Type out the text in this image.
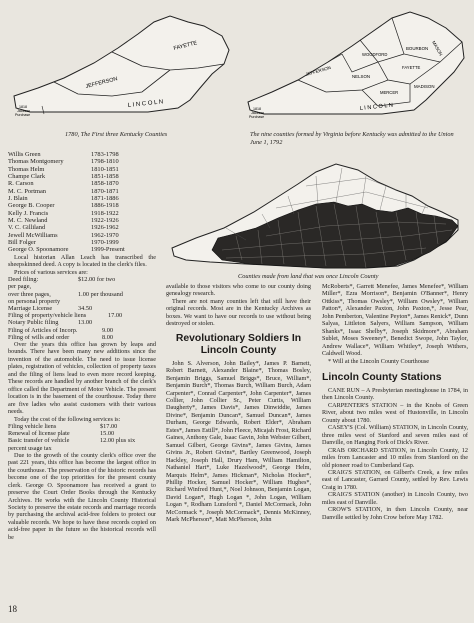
FAYETTE
JEFFERSON
L I N C O L N
1818 Jackson Purchase
MASON
BOURBON
FAYETTE
WOODFORD
NELSON
JEFFERSON
MADISON
MERCER
L I N C O L N
1818 Jackson Purchase
1780, The First three Kentucky Counties	The nine counties formed by Virginia before Kentucky was admitted to the Union June 1, 1792
Counties made from land that was once Lincoln County
Willis Green	1783-1798
Thomas Montgomery	1798-1810
Thomas Helm	1810-1851
Champe Clark	1851-1858
R. Carson	1858-1870
M. C. Portman	1870-1871
J. Blain	1871-1886
George B. Cooper	1886-1918
Kelly J. Francis	1918-1922
M. C. Newland	1922-1926
V. C. Gilliland	1926-1962
Jewell McWilliams	1962-1970
Bill Folger	1970-1999
George O. Spoonamore	1999-Present
Local historian Allan Leach has transcribed the sheepskinned deed. A copy is located in the clerk's files.
Prices of various services are:
Deed filing:	$12.00 for two
per page,
over three pages,	1.00 per thousand
on personal property
Marriage License	34.50
Filing of property/vehicle liens	17.00
Notary Public filing	13.00
Filing of Articles of Incorp.	9.00
Filing of wills and order	8.00
Over the years this office has grown by leaps and bounds. There have been many new additions since the invention of the automobile. The need to issue license plates, registration of vehicles, collection of property taxes and the filing of liens lead to even more record keeping. These records are handled by another branch of the clerk's office called the Department of Motor Vehicle. The present location is in the basement of the courthouse. Today there are five ladies who assist customers with their various needs.
Today the cost of the following services is:
Filing vehicle liens	$17.00
Renewal of license plate	15.00
Basic transfer of vehicle	12.00 plus six
percent usage tax
Due to the growth of the county clerk's office over the past 221 years, this office has become the largest office in the courthouse. The preservation of the historic records has become one of the top priorities for the present county clerk. George O. Spoonamore has received a grant to preserve the Court Order Books through the Kentucky Archives. He works with the Lincoln County Historical Society to preserve the estate records and marriage records by purchasing the archival acid-free folders to protect our valuable records. We hope to have these records copied on acid-free paper in the future so the historical records will be
available to those visitors who come to our county doing genealogy research.
There are not many counties left that still have their original records. Most are in the Kentucky Archives as boxes. We want to have our records to use without being destroyed or stolen.
Revolutionary Soldiers In Lincoln County
John S. Alverson, John Bailey*, James P. Barnett, Robert Barnett, Alexander Blaine*, Thomas Bosley, Benjamin Briggs, Samuel Briggs*, Bruce, William*, Benjamin Burch*, Thomas Burch, William Burch, Adam Carpenter*, Conrad Carpenter*, John Carpenter*, James Collier, John Collier Sr., Peter Curtis, William Daugherty*, James Davis*, James Dinwiddie, James Divine*, Benjamin Duncan*, Samuel Duncan*, James Durham, George Edwards, Robert Elder*, Abraham Estes*, James Estill*, John Fleece, Micajah Frost, Richard Gaines, Anthony Gale, Isaac Gavin, John Webster Gilbert, Samuel Gilbert, George Givins*, James Givins, James Givins Jr., Robert Givins*, Bartley Greenwood, Joseph Hackley, Joseph Hall, Drury Ham, William Hamilton, Nathaniel Hart*, Luke Hazelwood*, George Helm, Marquis Helm*, James Hickman*, Nicholas Hocker*, Phillip Hocker, Samuel Hocker*, William Hughes*, Richard Winfred Hunt,*, Noel Johnson, Benjamin Logan, David Logan*, Hugh Logan *, John Logan, William Logan *, Rodham Lunsford *, Daniel McCormack, John McCormack *, Joseph McCormack*, Dennis McKinney, Mark McPherson*, Matt McPherson, John
McRoberts*, Garrett Menefee, James Menefee*, William Miller*, Ezra Morrison*, Benjamin O'Banner*, Henry Ottkiss*, Thomas Owsley*, William Owsley*, William Patton*, Alexander Paxton, John Paxton,*, Jesse Pear, John Pemberton, Valentine Peyton*, James Renick*, Dunn Salyas, Littleton Salyers, William Sampson, William Shanks*, Isaac Shelby*, Joseph Skidmore*, Abraham Sublet, Moses Sweeney*, Benedict Swope, John Taylor, Andrew Wallace*, William Whitley*, Joseph Withers, Caldwell Wood.
* Will at the Lincoln County Courthouse
Lincoln County Stations
CANE RUN – A Presbyterian meetinghouse in 1784, in then Lincoln County.
CARPENTER'S STATION – in the Knobs of Green River, about two miles west of Hustonville, in Lincoln County about 1780.
CASEY'S (Col. William) STATION, in Lincoln County, three miles west of Stanford and seven miles east of Danville, on Hanging Fork of Dick's River.
CRAB ORCHARD STATION, in Lincoln County, 12 miles from Lancaster and 10 miles from Stanford on the old pioneer road to Cumberland Gap.
CRAIG'S STATION, on Gilbert's Creek, a few miles east of Lancaster, Garrard County, settled by Rev. Lewis Craig in 1780.
CRAIG'S STATION (another) in Lincoln County, two miles east of Danville.
CROW'S STATION, in then Lincoln County, near Danville settled by John Crow before May 1782.
18
